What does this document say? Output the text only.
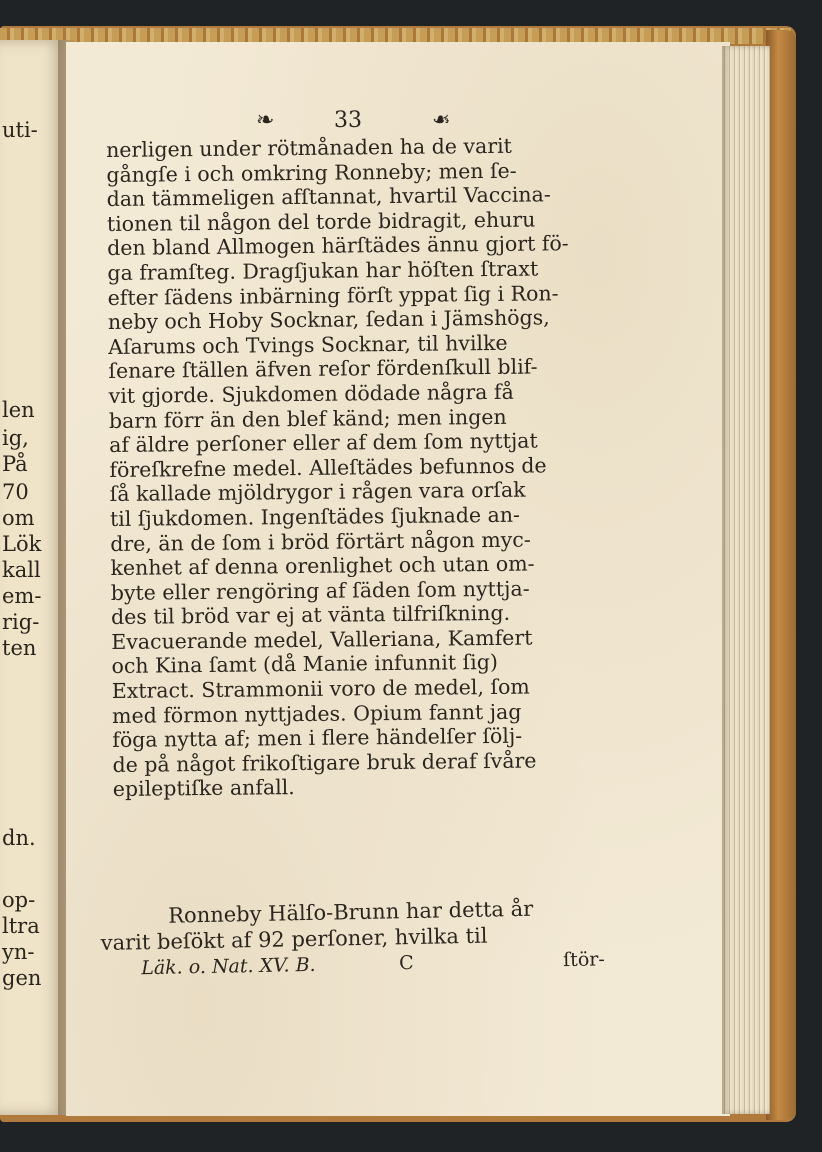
uti-
len
ig,
På
70
om
Lök
kall
em-
rig-
ten
dn.
op-
ltra
yn-
gen
❧	33	❧
nerligen under rötmånaden ha de varit
gångſe i och omkring Ronneby; men ſe-
dan tämmeligen afſtannat, hvartil Vaccina-
tionen til någon del torde bidragit, ehuru
den bland Allmogen härſtädes ännu gjort fö-
ga framſteg. Dragſjukan har höſten ſtraxt
efter ſädens inbärning förſt yppat ſig i Ron-
neby och Hoby Socknar, ſedan i Jämshögs,
Aſarums och Tvings Socknar, til hvilke
ſenare ſtällen äfven reſor fördenſkull blif-
vit gjorde. Sjukdomen dödade några få
barn förr än den blef känd; men ingen
af äldre perſoner eller af dem ſom nyttjat
föreſkrefne medel. Alleſtädes befunnos de
ſå kallade mjöldrygor i rågen vara orſak
til ſjukdomen. Ingenſtädes ſjuknade an-
dre, än de ſom i bröd förtärt någon myc-
kenhet af denna orenlighet och utan om-
byte eller rengöring af ſäden ſom nyttja-
des til bröd var ej at vänta tilfriſkning.
Evacuerande medel, Valleriana, Kamfert
och Kina ſamt (då Manie infunnit ſig)
Extract. Strammonii voro de medel, ſom
med förmon nyttjades. Opium fannt jag
föga nytta af; men i flere händelſer ſölj-
de på något frikoſtigare bruk deraf ſvåre
epileptiſke anfall.
Ronneby Hälſo-Brunn har detta år
varit beſökt af 92 perſoner, hvilka til
Läk. o. Nat. XV. B.	C	ſtör-
